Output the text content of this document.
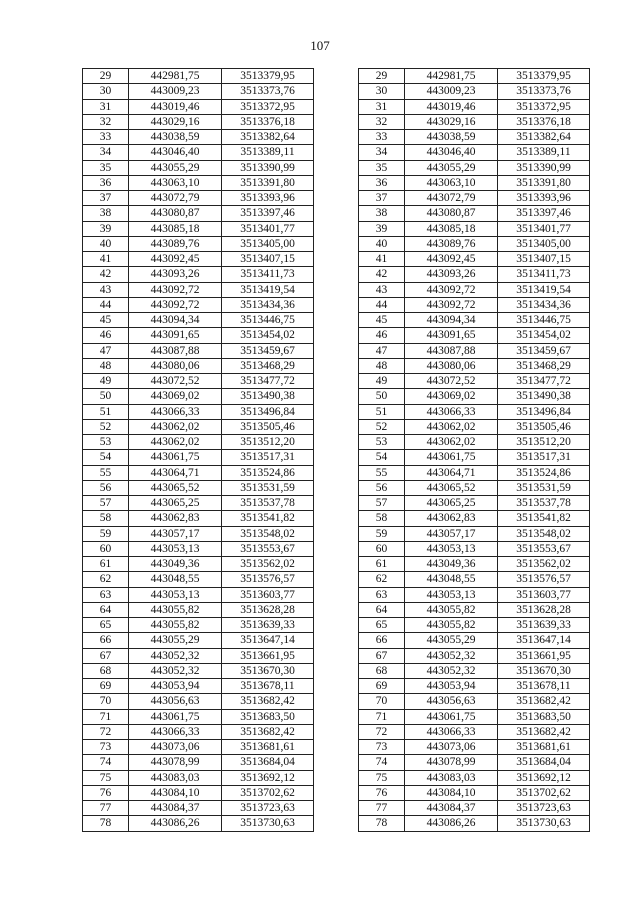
107
29	442981,75	3513379,95		29	442981,75	3513379,95
30	443009,23	3513373,76		30	443009,23	3513373,76
31	443019,46	3513372,95		31	443019,46	3513372,95
32	443029,16	3513376,18		32	443029,16	3513376,18
33	443038,59	3513382,64		33	443038,59	3513382,64
34	443046,40	3513389,11		34	443046,40	3513389,11
35	443055,29	3513390,99		35	443055,29	3513390,99
36	443063,10	3513391,80		36	443063,10	3513391,80
37	443072,79	3513393,96		37	443072,79	3513393,96
38	443080,87	3513397,46		38	443080,87	3513397,46
39	443085,18	3513401,77		39	443085,18	3513401,77
40	443089,76	3513405,00		40	443089,76	3513405,00
41	443092,45	3513407,15		41	443092,45	3513407,15
42	443093,26	3513411,73		42	443093,26	3513411,73
43	443092,72	3513419,54		43	443092,72	3513419,54
44	443092,72	3513434,36		44	443092,72	3513434,36
45	443094,34	3513446,75		45	443094,34	3513446,75
46	443091,65	3513454,02		46	443091,65	3513454,02
47	443087,88	3513459,67		47	443087,88	3513459,67
48	443080,06	3513468,29		48	443080,06	3513468,29
49	443072,52	3513477,72		49	443072,52	3513477,72
50	443069,02	3513490,38		50	443069,02	3513490,38
51	443066,33	3513496,84		51	443066,33	3513496,84
52	443062,02	3513505,46		52	443062,02	3513505,46
53	443062,02	3513512,20		53	443062,02	3513512,20
54	443061,75	3513517,31		54	443061,75	3513517,31
55	443064,71	3513524,86		55	443064,71	3513524,86
56	443065,52	3513531,59		56	443065,52	3513531,59
57	443065,25	3513537,78		57	443065,25	3513537,78
58	443062,83	3513541,82		58	443062,83	3513541,82
59	443057,17	3513548,02		59	443057,17	3513548,02
60	443053,13	3513553,67		60	443053,13	3513553,67
61	443049,36	3513562,02		61	443049,36	3513562,02
62	443048,55	3513576,57		62	443048,55	3513576,57
63	443053,13	3513603,77		63	443053,13	3513603,77
64	443055,82	3513628,28		64	443055,82	3513628,28
65	443055,82	3513639,33		65	443055,82	3513639,33
66	443055,29	3513647,14		66	443055,29	3513647,14
67	443052,32	3513661,95		67	443052,32	3513661,95
68	443052,32	3513670,30		68	443052,32	3513670,30
69	443053,94	3513678,11		69	443053,94	3513678,11
70	443056,63	3513682,42		70	443056,63	3513682,42
71	443061,75	3513683,50		71	443061,75	3513683,50
72	443066,33	3513682,42		72	443066,33	3513682,42
73	443073,06	3513681,61		73	443073,06	3513681,61
74	443078,99	3513684,04		74	443078,99	3513684,04
75	443083,03	3513692,12		75	443083,03	3513692,12
76	443084,10	3513702,62		76	443084,10	3513702,62
77	443084,37	3513723,63		77	443084,37	3513723,63
78	443086,26	3513730,63		78	443086,26	3513730,63
